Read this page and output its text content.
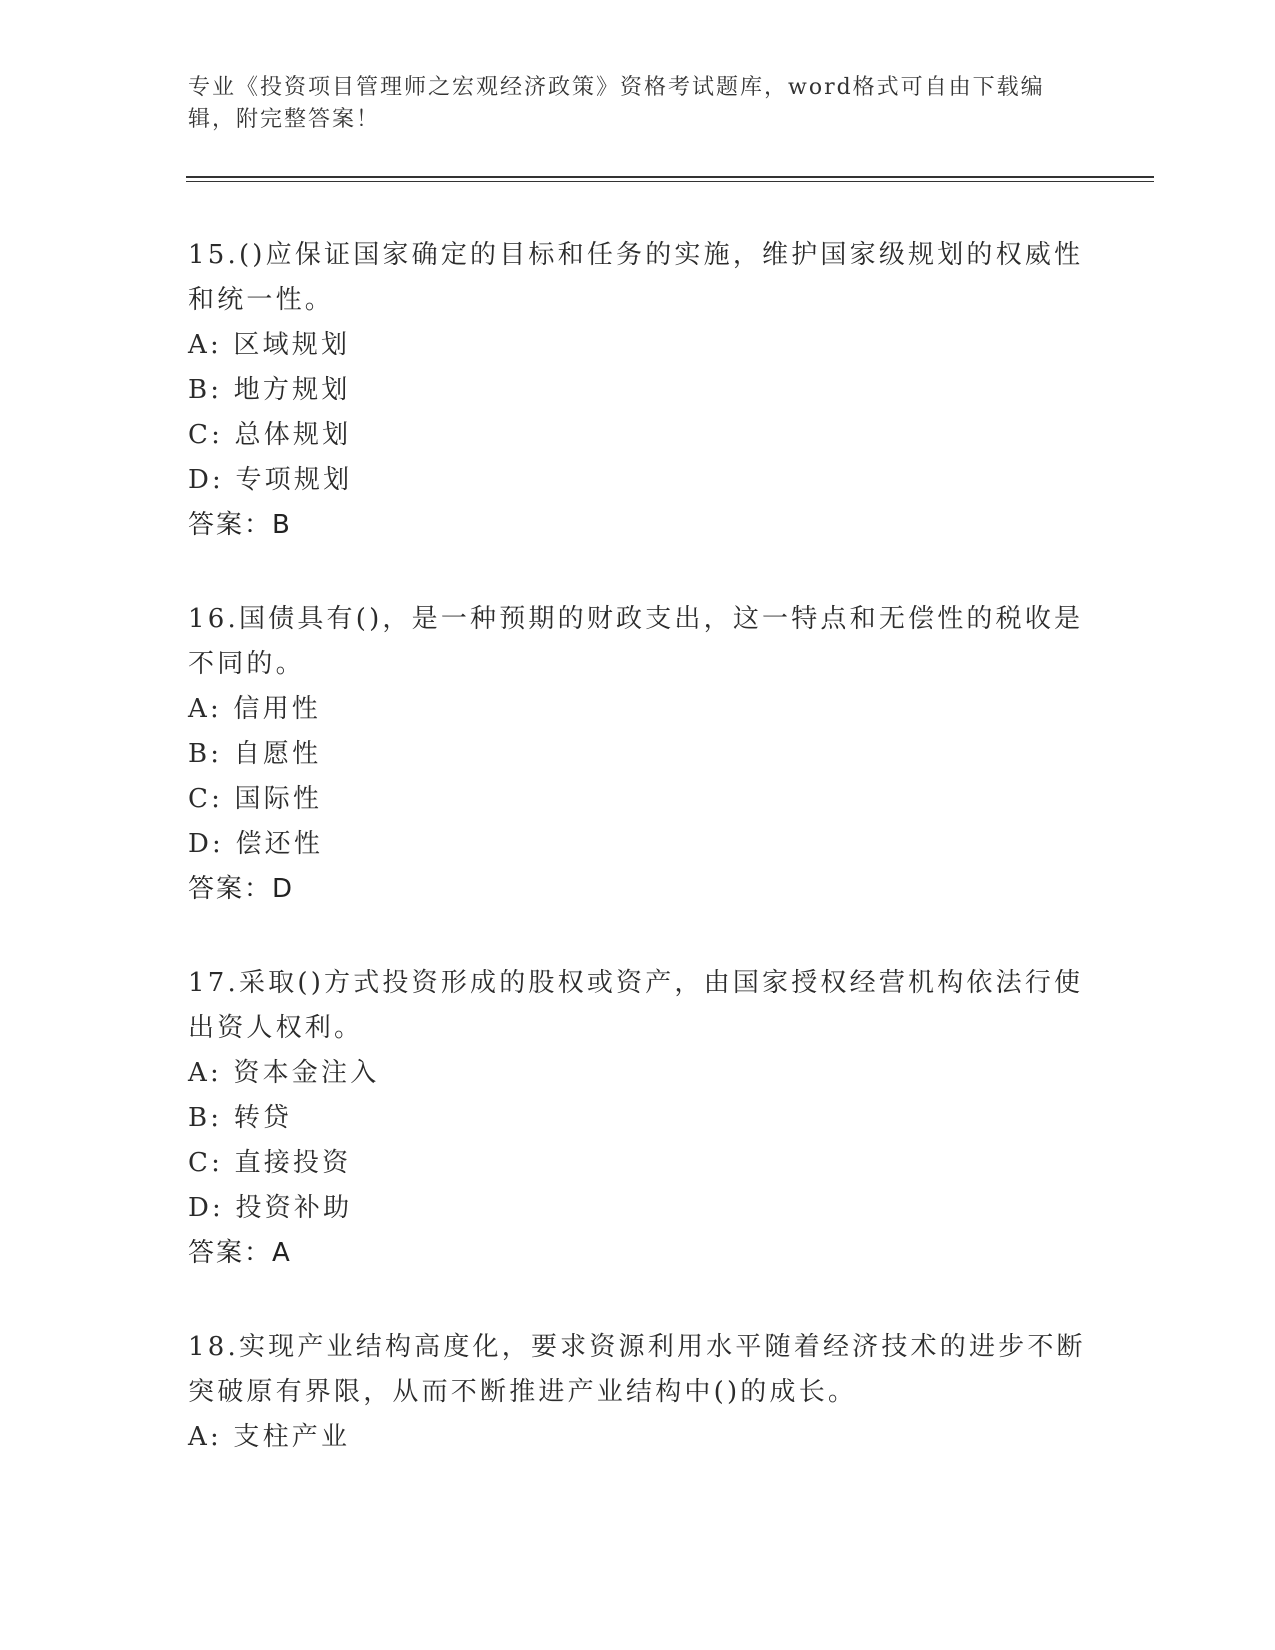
专业《投资项目管理师之宏观经济政策》资格考试题库，word格式可自由下载编辑，附完整答案！

15.()应保证国家确定的目标和任务的实施，维护国家级规划的权威性和统一性。

A: 区域规划

B: 地方规划

C: 总体规划

D: 专项规划

答案：B

16.国债具有()，是一种预期的财政支出，这一特点和无偿性的税收是不同的。

A: 信用性

B: 自愿性

C: 国际性

D: 偿还性

答案：D

17.采取()方式投资形成的股权或资产，由国家授权经营机构依法行使出资人权利。

A: 资本金注入

B: 转贷

C: 直接投资

D: 投资补助

答案：A

18.实现产业结构高度化，要求资源利用水平随着经济技术的进步不断突破原有界限，从而不断推进产业结构中()的成长。

A: 支柱产业
